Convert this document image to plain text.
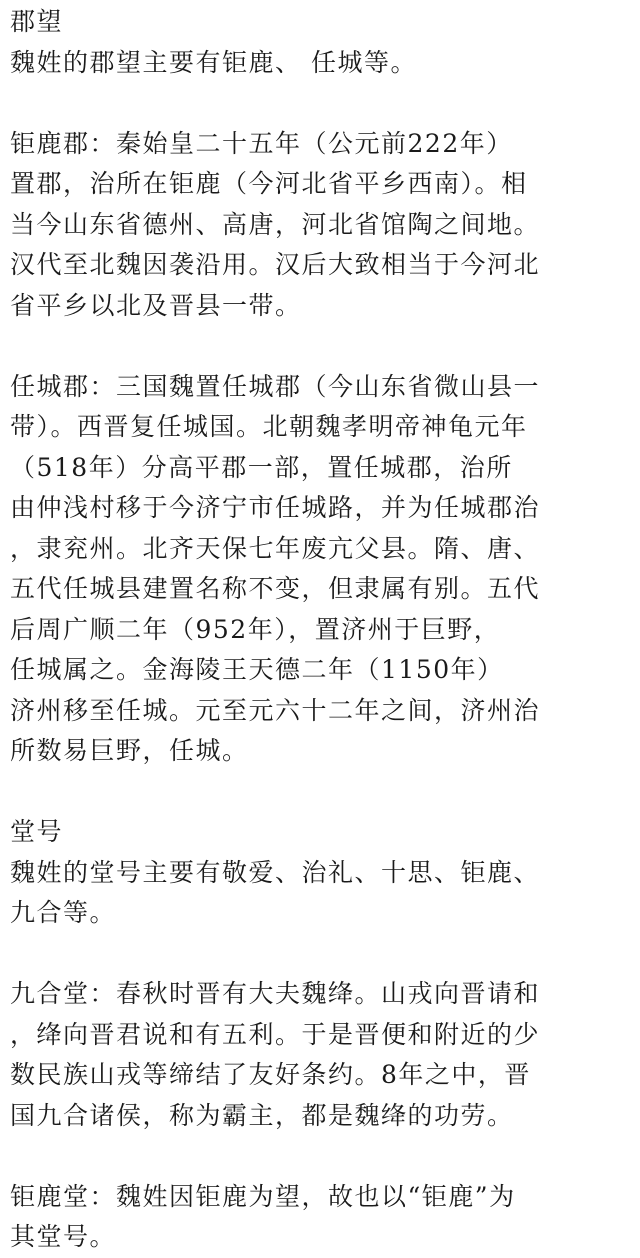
郡望
魏姓的郡望主要有钜鹿、 任城等。
钜鹿郡：秦始皇二十五年（公元前222年）
置郡，治所在钜鹿（今河北省平乡西南）。相
当今山东省德州、高唐，河北省馆陶之间地。
汉代至北魏因袭沿用。汉后大致相当于今河北
省平乡以北及晋县一带。
任城郡：三国魏置任城郡（今山东省微山县一
带）。西晋复任城国。北朝魏孝明帝神龟元年
（518年）分高平郡一部，置任城郡，治所
由仲浅村移于今济宁市任城路，并为任城郡治
，隶兖州。北齐天保七年废亢父县。隋、唐、
五代任城县建置名称不变，但隶属有别。五代
后周广顺二年（952年），置济州于巨野，
任城属之。金海陵王天德二年（1150年）
济州移至任城。元至元六十二年之间，济州治
所数易巨野，任城。
堂号
魏姓的堂号主要有敬爱、治礼、十思、钜鹿、
九合等。
九合堂：春秋时晋有大夫魏绛。山戎向晋请和
，绛向晋君说和有五利。于是晋便和附近的少
数民族山戎等缔结了友好条约。8年之中，晋
国九合诸侯，称为霸主，都是魏绛的功劳。
钜鹿堂：魏姓因钜鹿为望，故也以“钜鹿”为
其堂号。
